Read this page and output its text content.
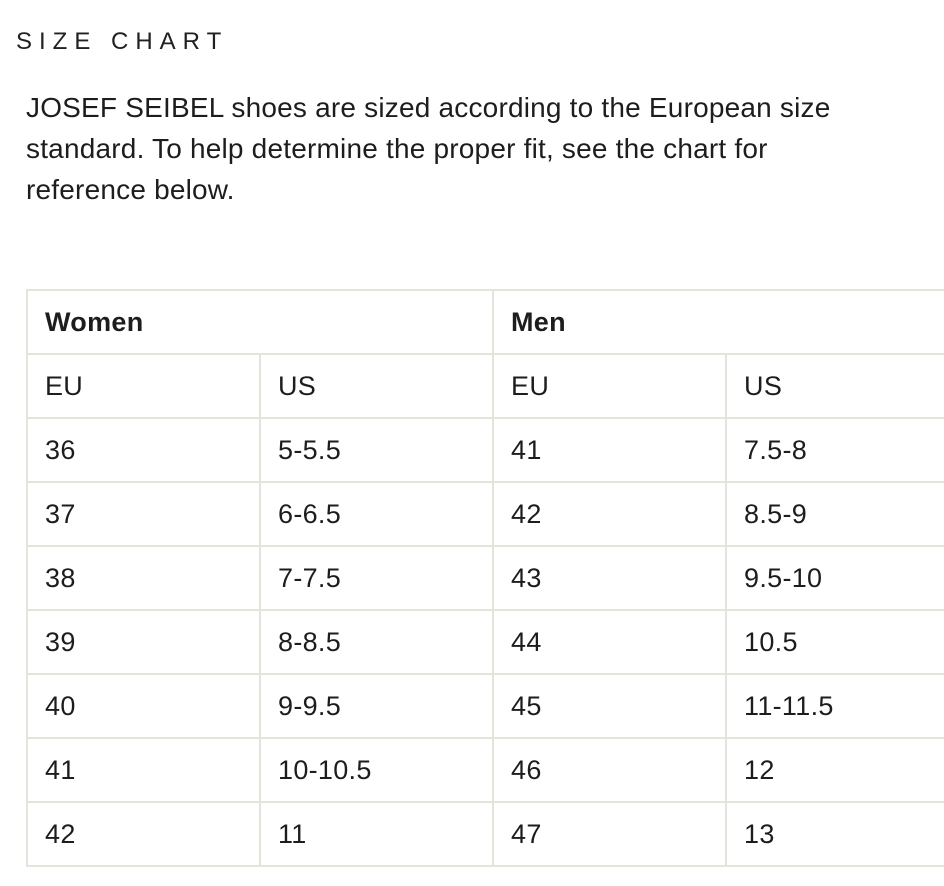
SIZE CHART
JOSEF SEIBEL shoes are sized according to the European size
standard. To help determine the proper fit, see the chart for
reference below.
Women		Men	
EU	US	EU	US
36	5-5.5	41	7.5-8
37	6-6.5	42	8.5-9
38	7-7.5	43	9.5-10
39	8-8.5	44	10.5
40	9-9.5	45	11-11.5
41	10-10.5	46	12
42	11	47	13
